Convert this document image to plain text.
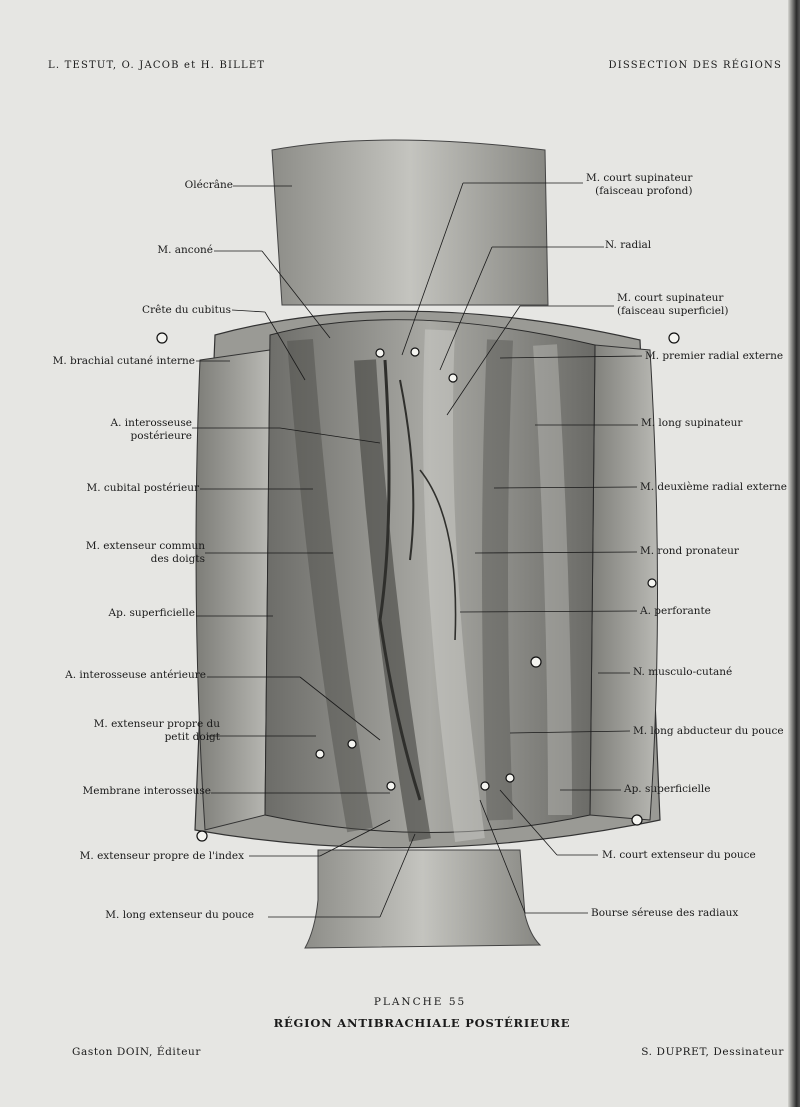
L. TESTUT, O. JACOB et H. BILLET	DISSECTION DES RÉGIONS
Olécrâne
M. anconé
Crête du cubitus
M. brachial cutané interne
A. interosseuse
postérieure
M. cubital postérieur
M. extenseur commun
des doigts
Ap. superficielle
A. interosseuse antérieure
M. extenseur propre du
petit doigt
Membrane interosseuse
M. extenseur propre de l'index
M. long extenseur du pouce
M. court supinateur
(faisceau profond)
N. radial
M. court supinateur
(faisceau superficiel)
M. premier radial externe
M. long supinateur
M. deuxième radial externe
M. rond pronateur
A. perforante
N. musculo-cutané
M. long abducteur du pouce
Ap. superficielle
M. court extenseur du pouce
Bourse séreuse des radiaux
PLANCHE 55
RÉGION ANTIBRACHIALE POSTÉRIEURE
Gaston DOIN, Éditeur	S. DUPRET, Dessinateur
